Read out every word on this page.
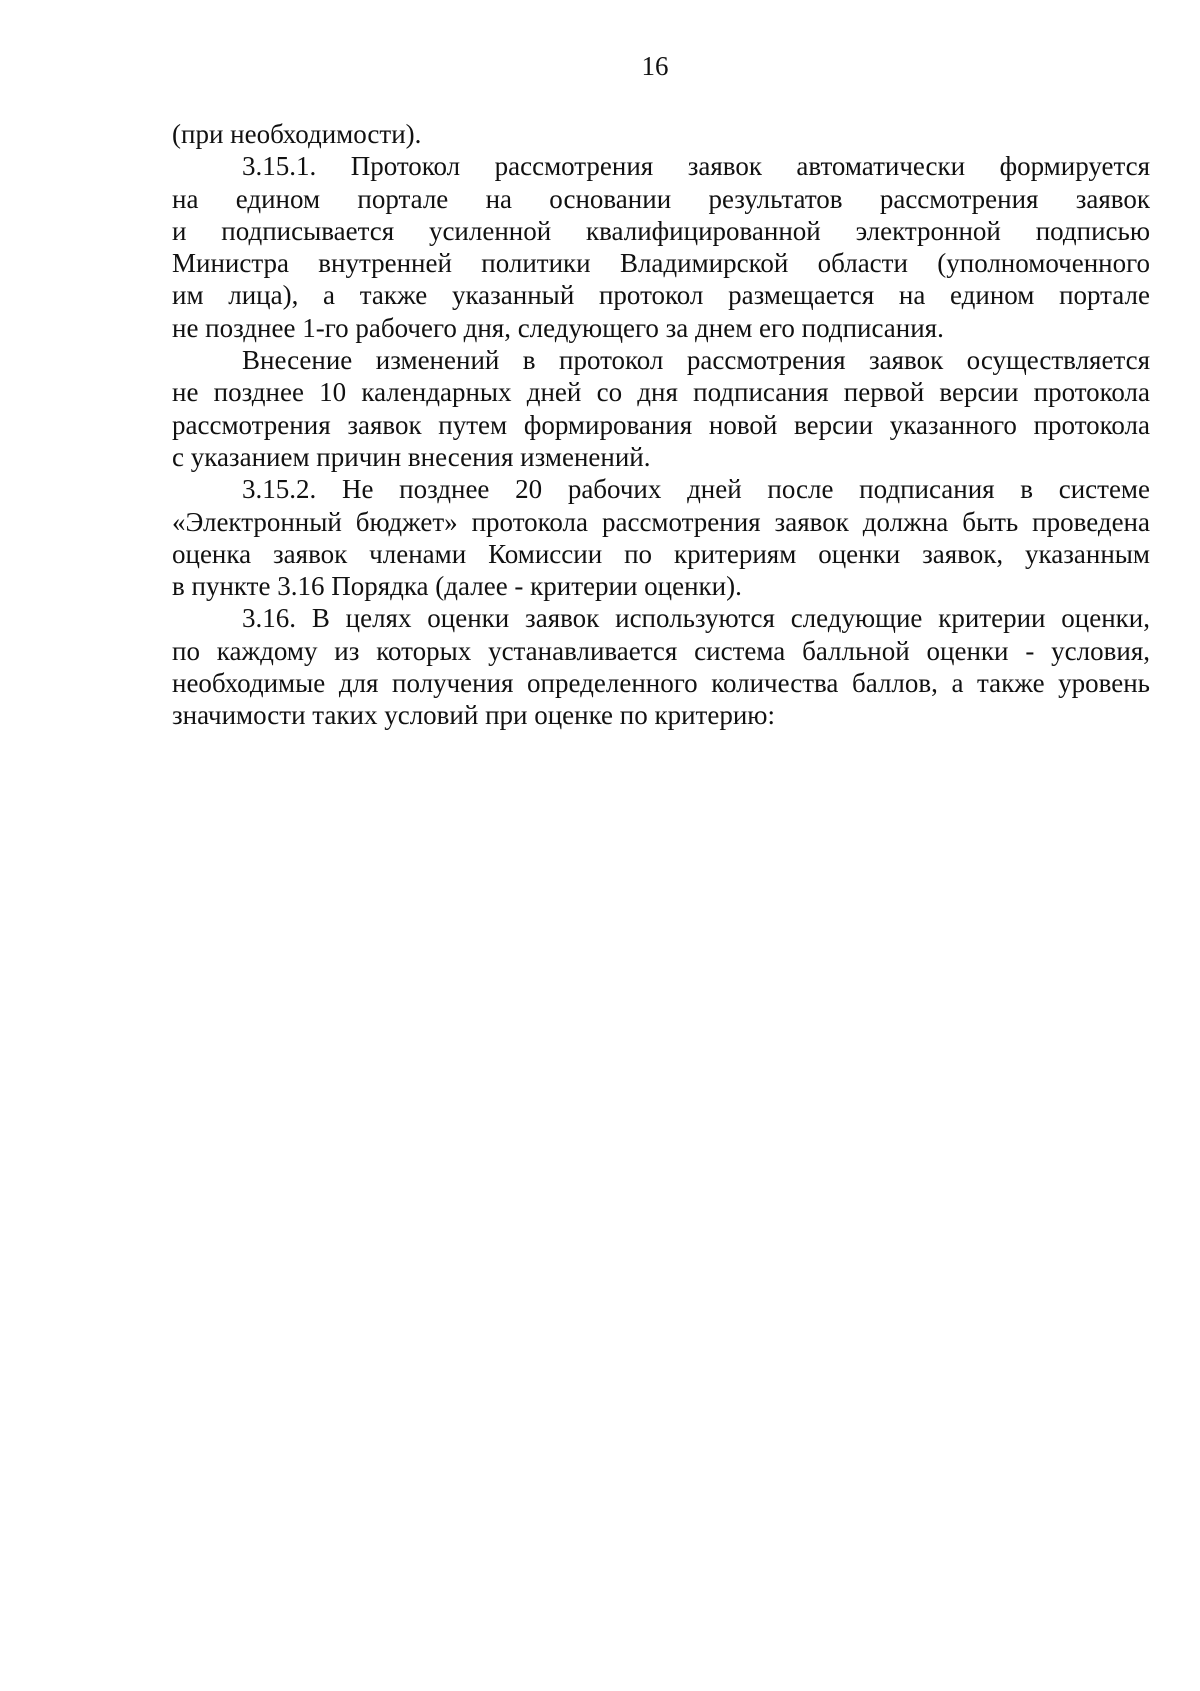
16
(при необходимости).
3.15.1. Протокол рассмотрения заявок автоматически формируется
на едином портале на основании результатов рассмотрения заявок
и подписывается усиленной квалифицированной электронной подписью
Министра внутренней политики Владимирской области (уполномоченного
им лица), а также указанный протокол размещается на едином портале
не позднее 1-го рабочего дня, следующего за днем его подписания.
Внесение изменений в протокол рассмотрения заявок осуществляется
не позднее 10 календарных дней со дня подписания первой версии протокола
рассмотрения заявок путем формирования новой версии указанного протокола
с указанием причин внесения изменений.
3.15.2. Не позднее 20 рабочих дней после подписания в системе
«Электронный бюджет» протокола рассмотрения заявок должна быть проведена
оценка заявок членами Комиссии по критериям оценки заявок, указанным
в пункте 3.16 Порядка (далее - критерии оценки).
3.16. В целях оценки заявок используются следующие критерии оценки,
по каждому из которых устанавливается система балльной оценки - условия,
необходимые для получения определенного количества баллов, а также уровень
значимости таких условий при оценке по критерию:
